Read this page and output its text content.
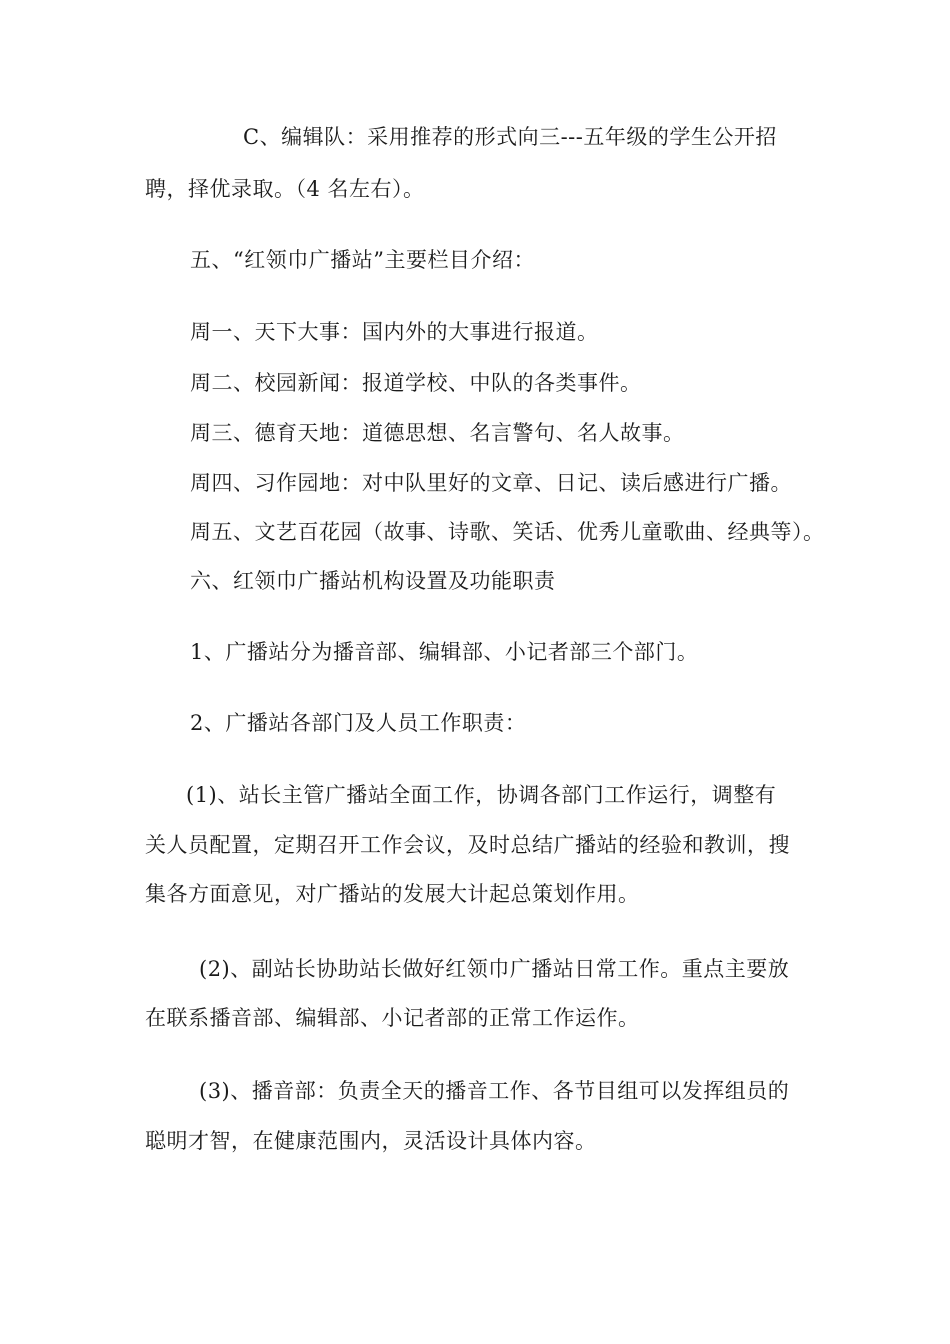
C、编辑队：采用推荐的形式向三---五年级的学生公开招
聘，择优录取。（4 名左右）。
五、“红领巾广播站”主要栏目介绍：
周一、天下大事：国内外的大事进行报道。
周二、校园新闻：报道学校、中队的各类事件。
周三、德育天地：道德思想、名言警句、名人故事。
周四、习作园地：对中队里好的文章、日记、读后感进行广播。
周五、文艺百花园（故事、诗歌、笑话、优秀儿童歌曲、经典等）。
六、红领巾广播站机构设置及功能职责
1、广播站分为播音部、编辑部、小记者部三个部门。
2、广播站各部门及人员工作职责：
(1)、站长主管广播站全面工作，协调各部门工作运行，调整有
关人员配置，定期召开工作会议，及时总结广播站的经验和教训，搜
集各方面意见，对广播站的发展大计起总策划作用。
(2)、副站长协助站长做好红领巾广播站日常工作。重点主要放
在联系播音部、编辑部、小记者部的正常工作运作。
(3)、播音部：负责全天的播音工作、各节目组可以发挥组员的
聪明才智，在健康范围内，灵活设计具体内容。
